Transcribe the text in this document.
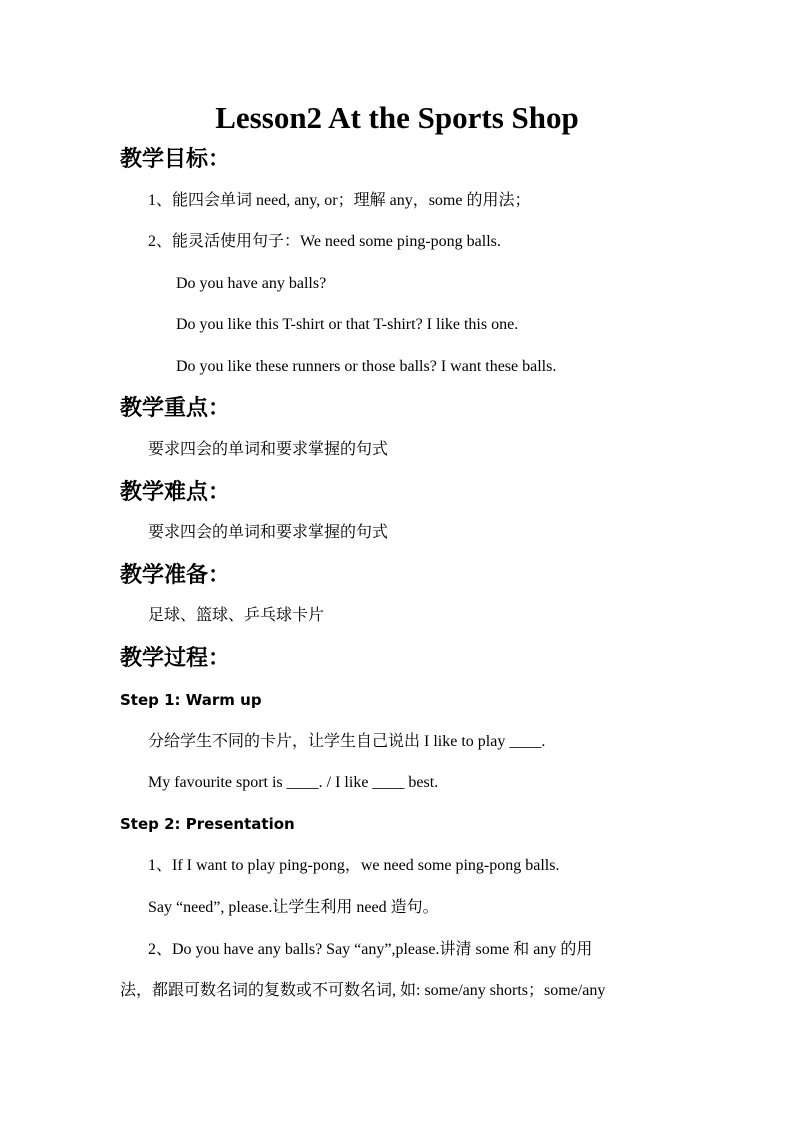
Lesson2 At the Sports Shop
教学目标：
1、能四会单词 need, any, or；理解 any，some 的用法；
2、能灵活使用句子：We need some ping-pong balls.
Do you have any balls?
Do you like this T-shirt or that T-shirt? I like this one.
Do you like these runners or those balls? I want these balls.
教学重点：
要求四会的单词和要求掌握的句式
教学难点：
要求四会的单词和要求掌握的句式
教学准备：
足球、篮球、乒乓球卡片
教学过程：
Step 1: Warm up
分给学生不同的卡片，让学生自己说出 I like to play ____.
My favourite sport is ____. / I like ____ best.
Step 2: Presentation
1、If I want to play ping-pong，we need some ping-pong balls.
Say “need”, please.让学生利用 need 造句。
2、Do you have any balls? Say “any”,please.讲清 some 和 any 的用
法，都跟可数名词的复数或不可数名词, 如: some/any shorts；some/any
